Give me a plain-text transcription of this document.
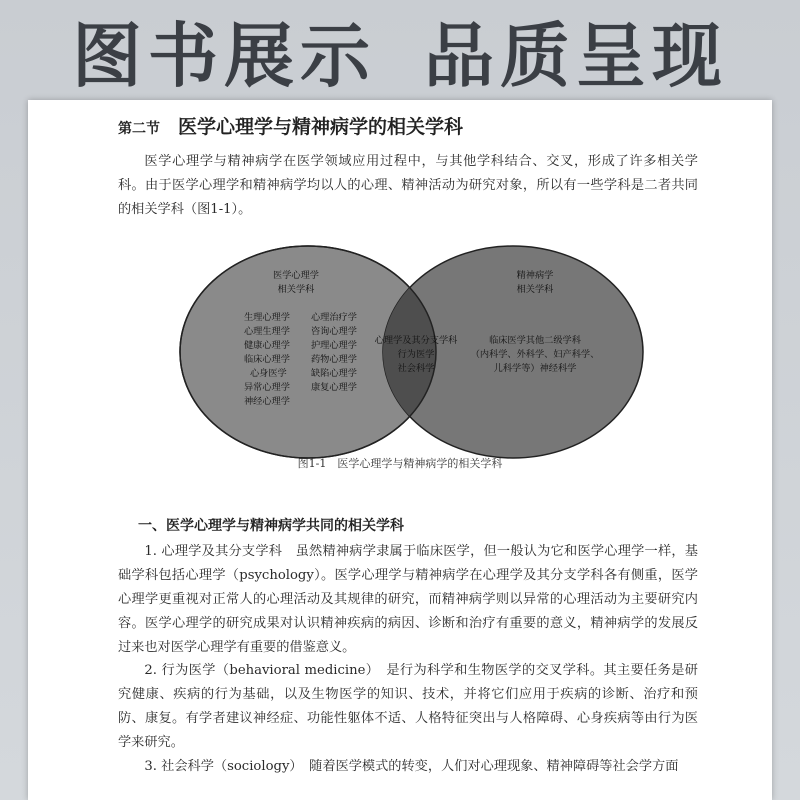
图书展示 品质呈现
第二节 医学心理学与精神病学的相关学科

医学心理学与精神病学在医学领域应用过程中，与其他学科结合、交叉，形成了许多相关学科。由于医学心理学和精神病学均以人的心理、精神活动为研究对象，所以有一些学科是二者共同的相关学科（图1-1）。

医学心理学
相关学科
生理心理学
心理生理学
健康心理学
临床心理学
心身医学
异常心理学
神经心理学
心理治疗学
咨询心理学
护理心理学
药物心理学
缺陷心理学
康复心理学
心理学及其分支学科
行为医学
社会科学
精神病学
相关学科
临床医学其他二级学科
（内科学、外科学、妇产科学、
儿科学等）神经科学
图1-1　医学心理学与精神病学的相关学科
一、医学心理学与精神病学共同的相关学科

1. 心理学及其分支学科　虽然精神病学隶属于临床医学，但一般认为它和医学心理学一样，基础学科包括心理学（psychology）。医学心理学与精神病学在心理学及其分支学科各有侧重，医学心理学更重视对正常人的心理活动及其规律的研究，而精神病学则以异常的心理活动为主要研究内容。医学心理学的研究成果对认识精神疾病的病因、诊断和治疗有重要的意义，精神病学的发展反过来也对医学心理学有重要的借鉴意义。

2. 行为医学（behavioral medicine）　是行为科学和生物医学的交叉学科。其主要任务是研究健康、疾病的行为基础，以及生物医学的知识、技术，并将它们应用于疾病的诊断、治疗和预防、康复。有学者建议神经症、功能性躯体不适、人格特征突出与人格障碍、心身疾病等由行为医学来研究。

3. 社会科学（sociology）　随着医学模式的转变，人们对心理现象、精神障碍等社会学方面
